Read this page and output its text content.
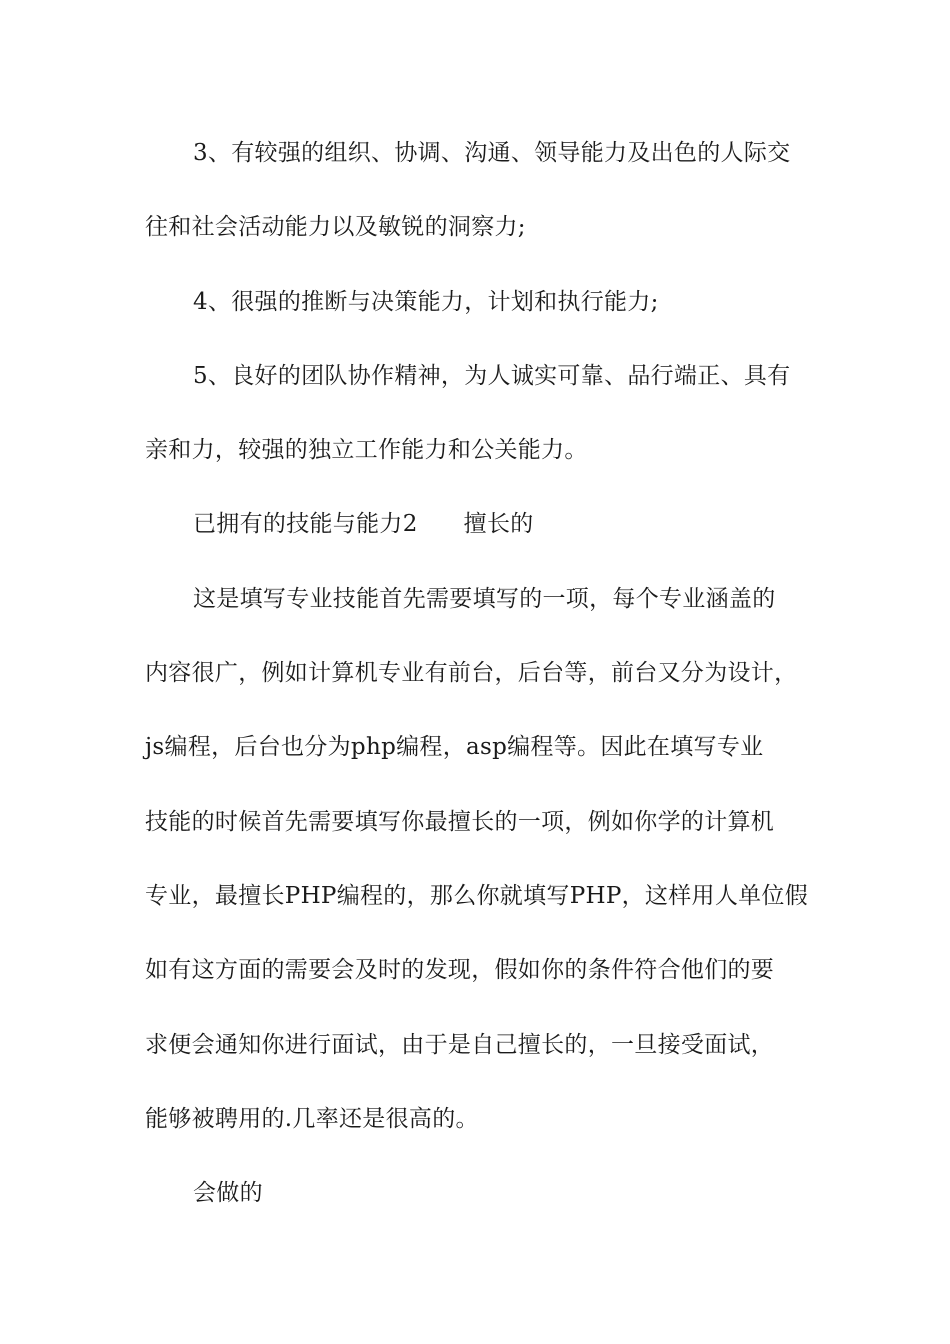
3、有较强的组织、协调、沟通、领导能力及出色的人际交
往和社会活动能力以及敏锐的洞察力;
4、很强的推断与决策能力，计划和执行能力;
5、良好的团队协作精神，为人诚实可靠、品行端正、具有
亲和力，较强的独立工作能力和公关能力。
已拥有的技能与能力2 擅长的
这是填写专业技能首先需要填写的一项，每个专业涵盖的
内容很广，例如计算机专业有前台，后台等，前台又分为设计，
js编程，后台也分为php编程，asp编程等。因此在填写专业
技能的时候首先需要填写你最擅长的一项，例如你学的计算机
专业，最擅长PHP编程的，那么你就填写PHP，这样用人单位假
如有这方面的需要会及时的发现，假如你的条件符合他们的要
求便会通知你进行面试，由于是自己擅长的，一旦接受面试，
能够被聘用的.几率还是很高的。
会做的
